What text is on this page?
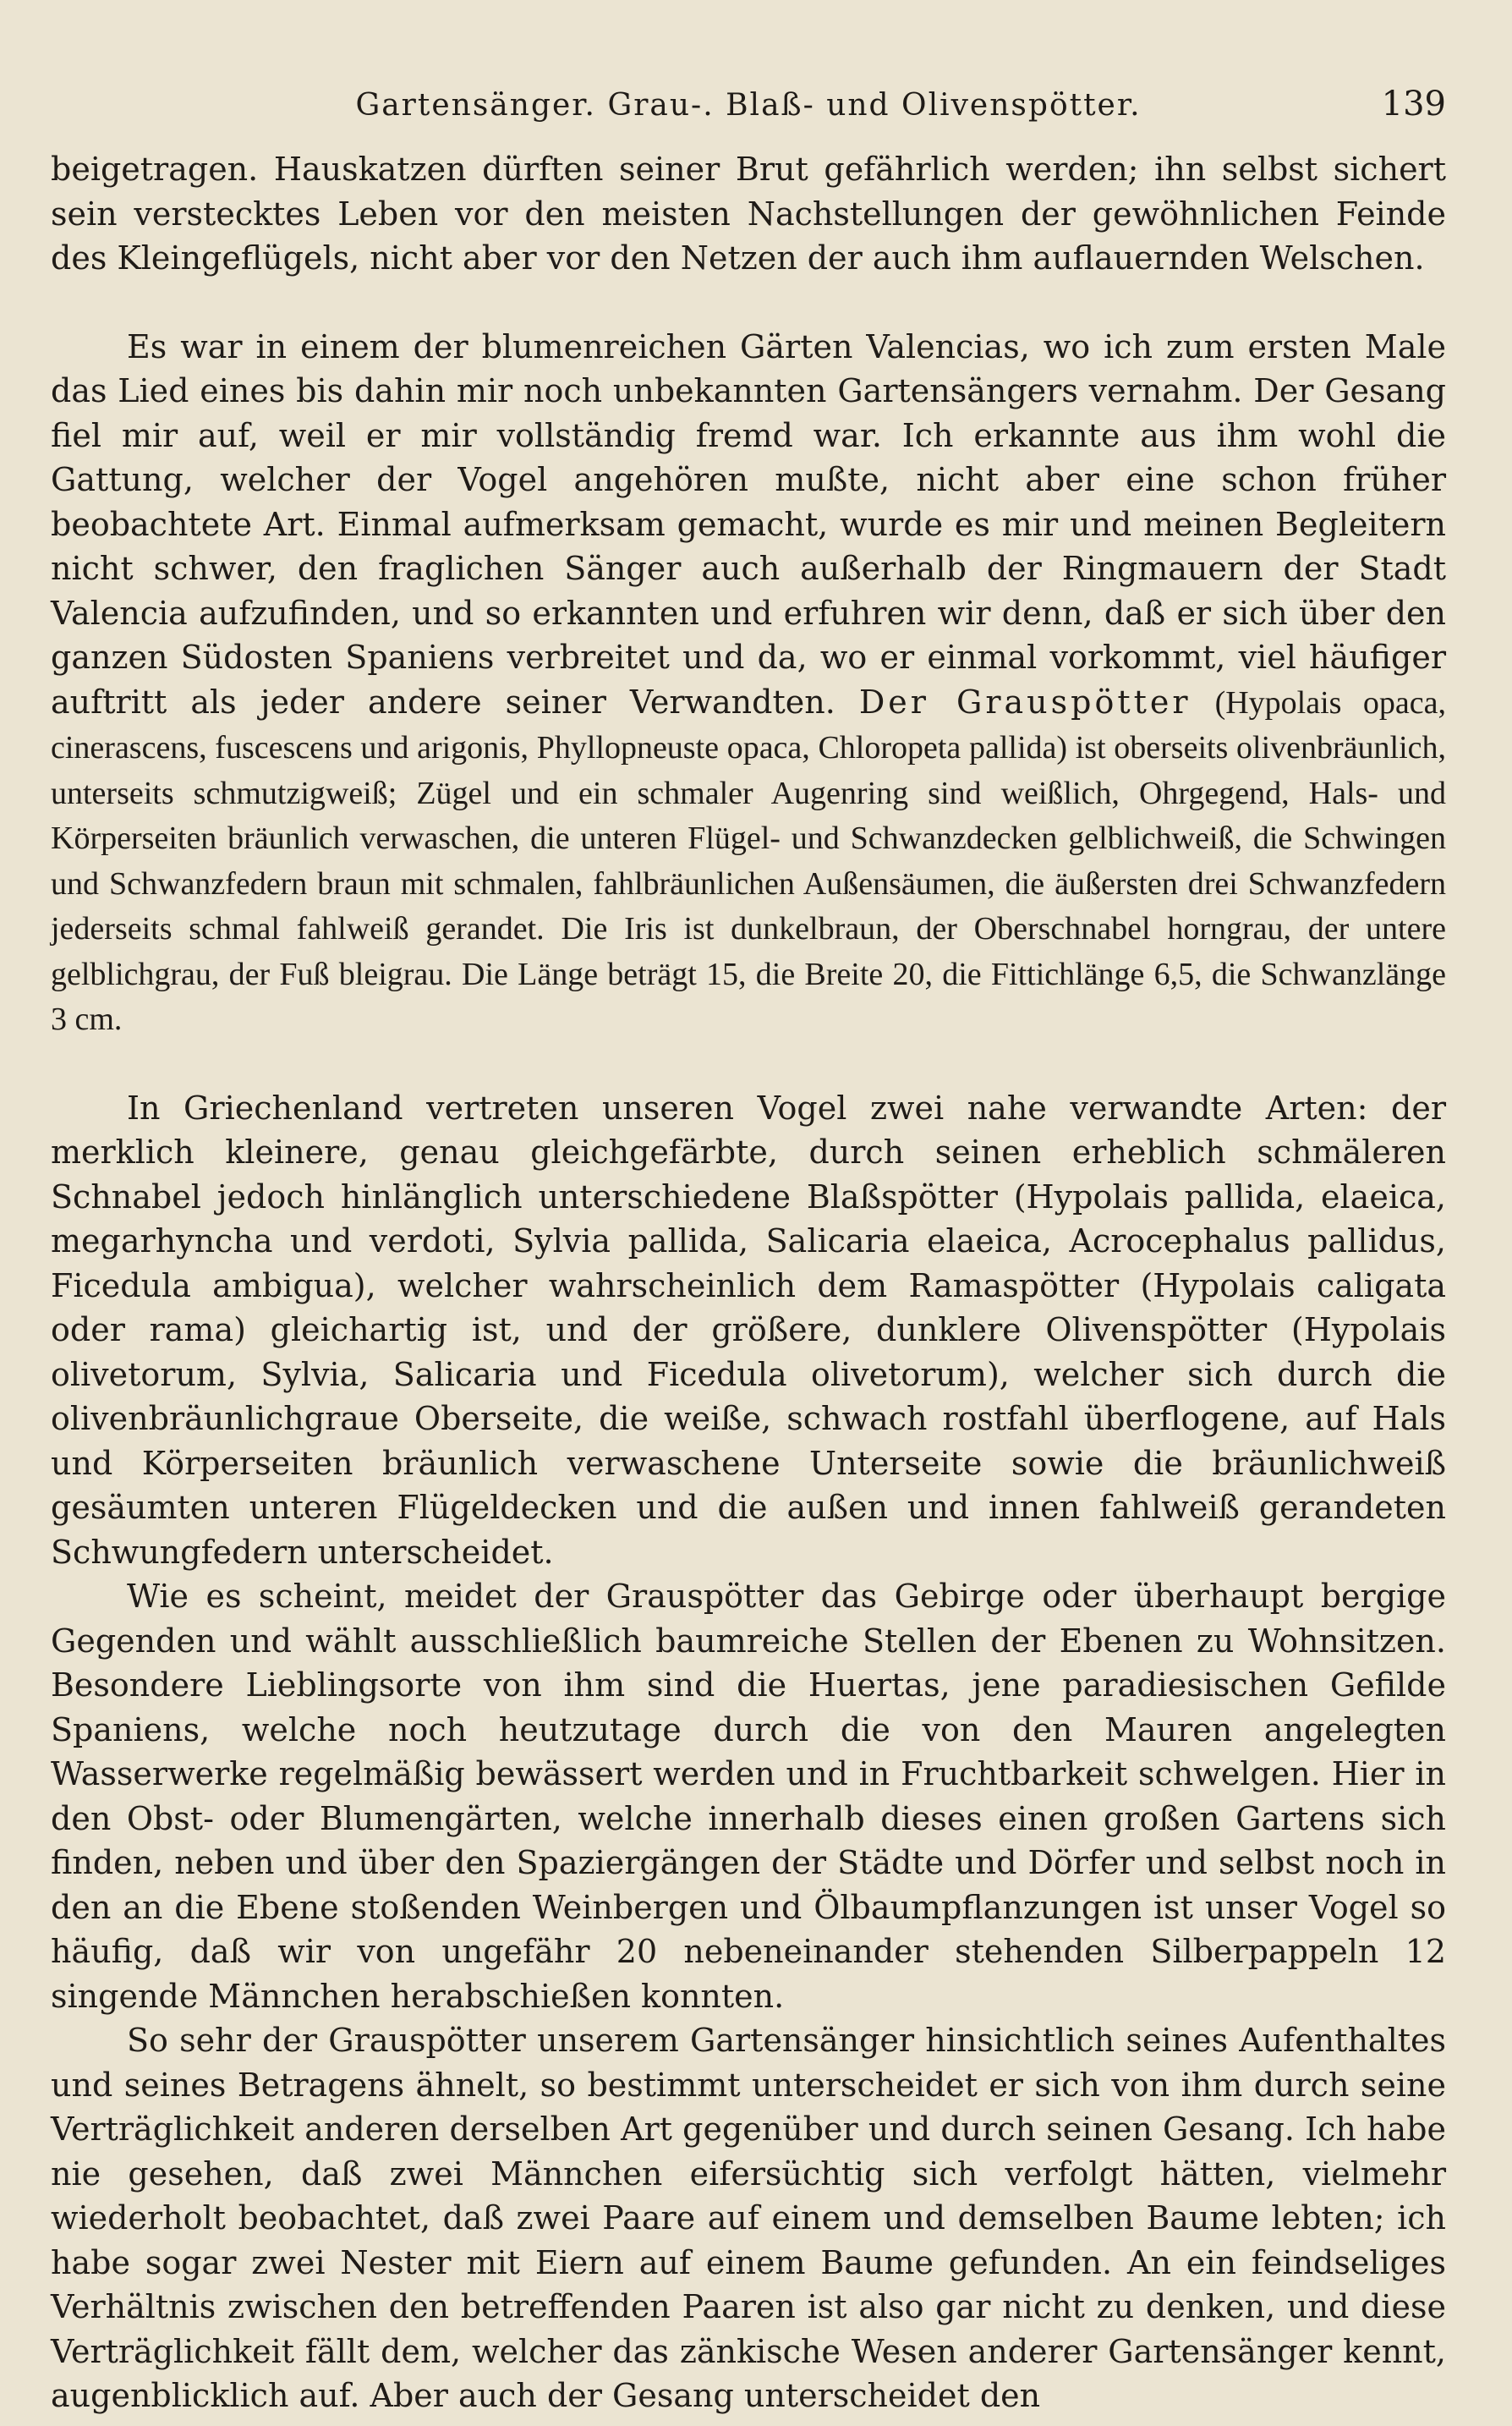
Gartensänger. Grau-. Blaß- und Olivenspötter.	139

beigetragen. Hauskatzen dürften seiner Brut gefährlich werden; ihn selbst sichert sein verstecktes Leben vor den meisten Nachstellungen der gewöhnlichen Feinde des Kleingeflügels, nicht aber vor den Netzen der auch ihm auflauernden Welschen.

Es war in einem der blumenreichen Gärten Valencias, wo ich zum ersten Male das Lied eines bis dahin mir noch unbekannten Gartensängers vernahm. Der Gesang fiel mir auf, weil er mir vollständig fremd war. Ich erkannte aus ihm wohl die Gattung, welcher der Vogel angehören mußte, nicht aber eine schon früher beobachtete Art. Einmal aufmerksam gemacht, wurde es mir und meinen Begleitern nicht schwer, den fraglichen Sänger auch außerhalb der Ringmauern der Stadt Valencia aufzufinden, und so erkannten und erfuhren wir denn, daß er sich über den ganzen Südosten Spaniens verbreitet und da, wo er einmal vorkommt, viel häufiger auftritt als jeder andere seiner Verwandten. Der Grauspötter (Hypolais opaca, cinerascens, fuscescens und arigonis, Phyllopneuste opaca, Chloropeta pallida) ist oberseits olivenbräunlich, unterseits schmutzigweiß; Zügel und ein schmaler Augenring sind weißlich, Ohrgegend, Hals- und Körperseiten bräunlich verwaschen, die unteren Flügel- und Schwanzdecken gelblichweiß, die Schwingen und Schwanzfedern braun mit schmalen, fahlbräunlichen Außensäumen, die äußersten drei Schwanzfedern jederseits schmal fahlweiß gerandet. Die Iris ist dunkelbraun, der Oberschnabel horngrau, der untere gelblichgrau, der Fuß bleigrau. Die Länge beträgt 15, die Breite 20, die Fittichlänge 6,5, die Schwanzlänge 3 cm.

In Griechenland vertreten unseren Vogel zwei nahe verwandte Arten: der merklich kleinere, genau gleichgefärbte, durch seinen erheblich schmäleren Schnabel jedoch hinlänglich unterschiedene Blaßspötter (Hypolais pallida, elaeica, megarhyncha und verdoti, Sylvia pallida, Salicaria elaeica, Acrocephalus pallidus, Ficedula ambigua), welcher wahrscheinlich dem Ramaspötter (Hypolais caligata oder rama) gleichartig ist, und der größere, dunklere Olivenspötter (Hypolais olivetorum, Sylvia, Salicaria und Ficedula olivetorum), welcher sich durch die olivenbräunlichgraue Oberseite, die weiße, schwach rostfahl überflogene, auf Hals und Körperseiten bräunlich verwaschene Unterseite sowie die bräunlichweiß gesäumten unteren Flügeldecken und die außen und innen fahlweiß gerandeten Schwungfedern unterscheidet.

Wie es scheint, meidet der Grauspötter das Gebirge oder überhaupt bergige Gegenden und wählt ausschließlich baumreiche Stellen der Ebenen zu Wohnsitzen. Besondere Lieblingsorte von ihm sind die Huertas, jene paradiesischen Gefilde Spaniens, welche noch heutzutage durch die von den Mauren angelegten Wasserwerke regelmäßig bewässert werden und in Fruchtbarkeit schwelgen. Hier in den Obst- oder Blumengärten, welche innerhalb dieses einen großen Gartens sich finden, neben und über den Spaziergängen der Städte und Dörfer und selbst noch in den an die Ebene stoßenden Weinbergen und Ölbaumpflanzungen ist unser Vogel so häufig, daß wir von ungefähr 20 nebeneinander stehenden Silberpappeln 12 singende Männchen herabschießen konnten.

So sehr der Grauspötter unserem Gartensänger hinsichtlich seines Aufenthaltes und seines Betragens ähnelt, so bestimmt unterscheidet er sich von ihm durch seine Verträglichkeit anderen derselben Art gegenüber und durch seinen Gesang. Ich habe nie gesehen, daß zwei Männchen eifersüchtig sich verfolgt hätten, vielmehr wiederholt beobachtet, daß zwei Paare auf einem und demselben Baume lebten; ich habe sogar zwei Nester mit Eiern auf einem Baume gefunden. An ein feindseliges Verhältnis zwischen den betreffenden Paaren ist also gar nicht zu denken, und diese Verträglichkeit fällt dem, welcher das zänkische Wesen anderer Gartensänger kennt, augenblicklich auf. Aber auch der Gesang unterscheidet den
